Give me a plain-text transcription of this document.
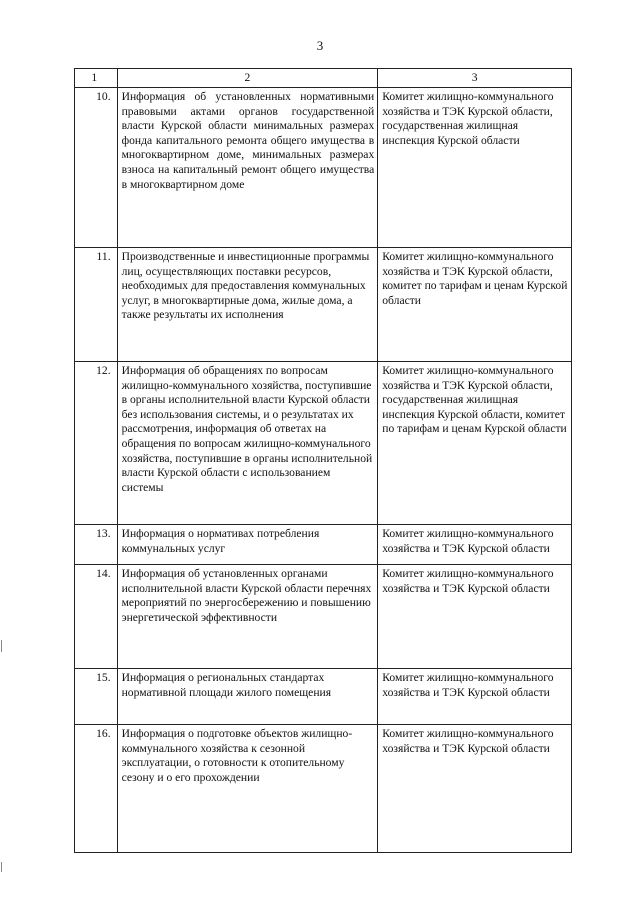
3
1	2	3
10.	Информация об установленных нормативными правовыми актами органов государственной власти Курской области минимальных размерах фонда капитального ремонта общего имущества в многоквартирном доме, минимальных размерах взноса на капитальный ремонт общего имущества в многоквартирном доме	Комитет жилищно-коммунального хозяйства и ТЭК Курской области, государственная жилищная инспекция Курской области
11.	Производственные и инвестиционные программы лиц, осуществляющих поставки ресурсов, необходимых для предоставления коммунальных услуг, в многоквартирные дома, жилые дома, а также результаты их исполнения	Комитет жилищно-коммунального хозяйства и ТЭК Курской области, комитет по тарифам и ценам Курской области
12.	Информация об обращениях по вопросам жилищно-коммунального хозяйства, поступившие в органы исполнительной власти Курской области без использования системы, и о результатах их рассмотрения, информация об ответах на обращения по вопросам жилищно-коммунального хозяйства, поступившие в органы исполнительной власти Курской области с использованием системы	Комитет жилищно-коммунального хозяйства и ТЭК Курской области, государственная жилищная инспекция Курской области, комитет по тарифам и ценам Курской области
13.	Информация о нормативах потребления коммунальных услуг	Комитет жилищно-коммунального хозяйства и ТЭК Курской области
14.	Информация об установленных органами исполнительной власти Курской области перечнях мероприятий по энергосбережению и повышению энергетической эффективности	Комитет жилищно-коммунального хозяйства и ТЭК Курской области
15.	Информация о региональных стандартах нормативной площади жилого помещения	Комитет жилищно-коммунального хозяйства и ТЭК Курской области
16.	Информация о подготовке объектов жилищно-коммунального хозяйства к сезонной эксплуатации, о готовности к отопительному сезону и о его прохождении	Комитет жилищно-коммунального хозяйства и ТЭК Курской области
